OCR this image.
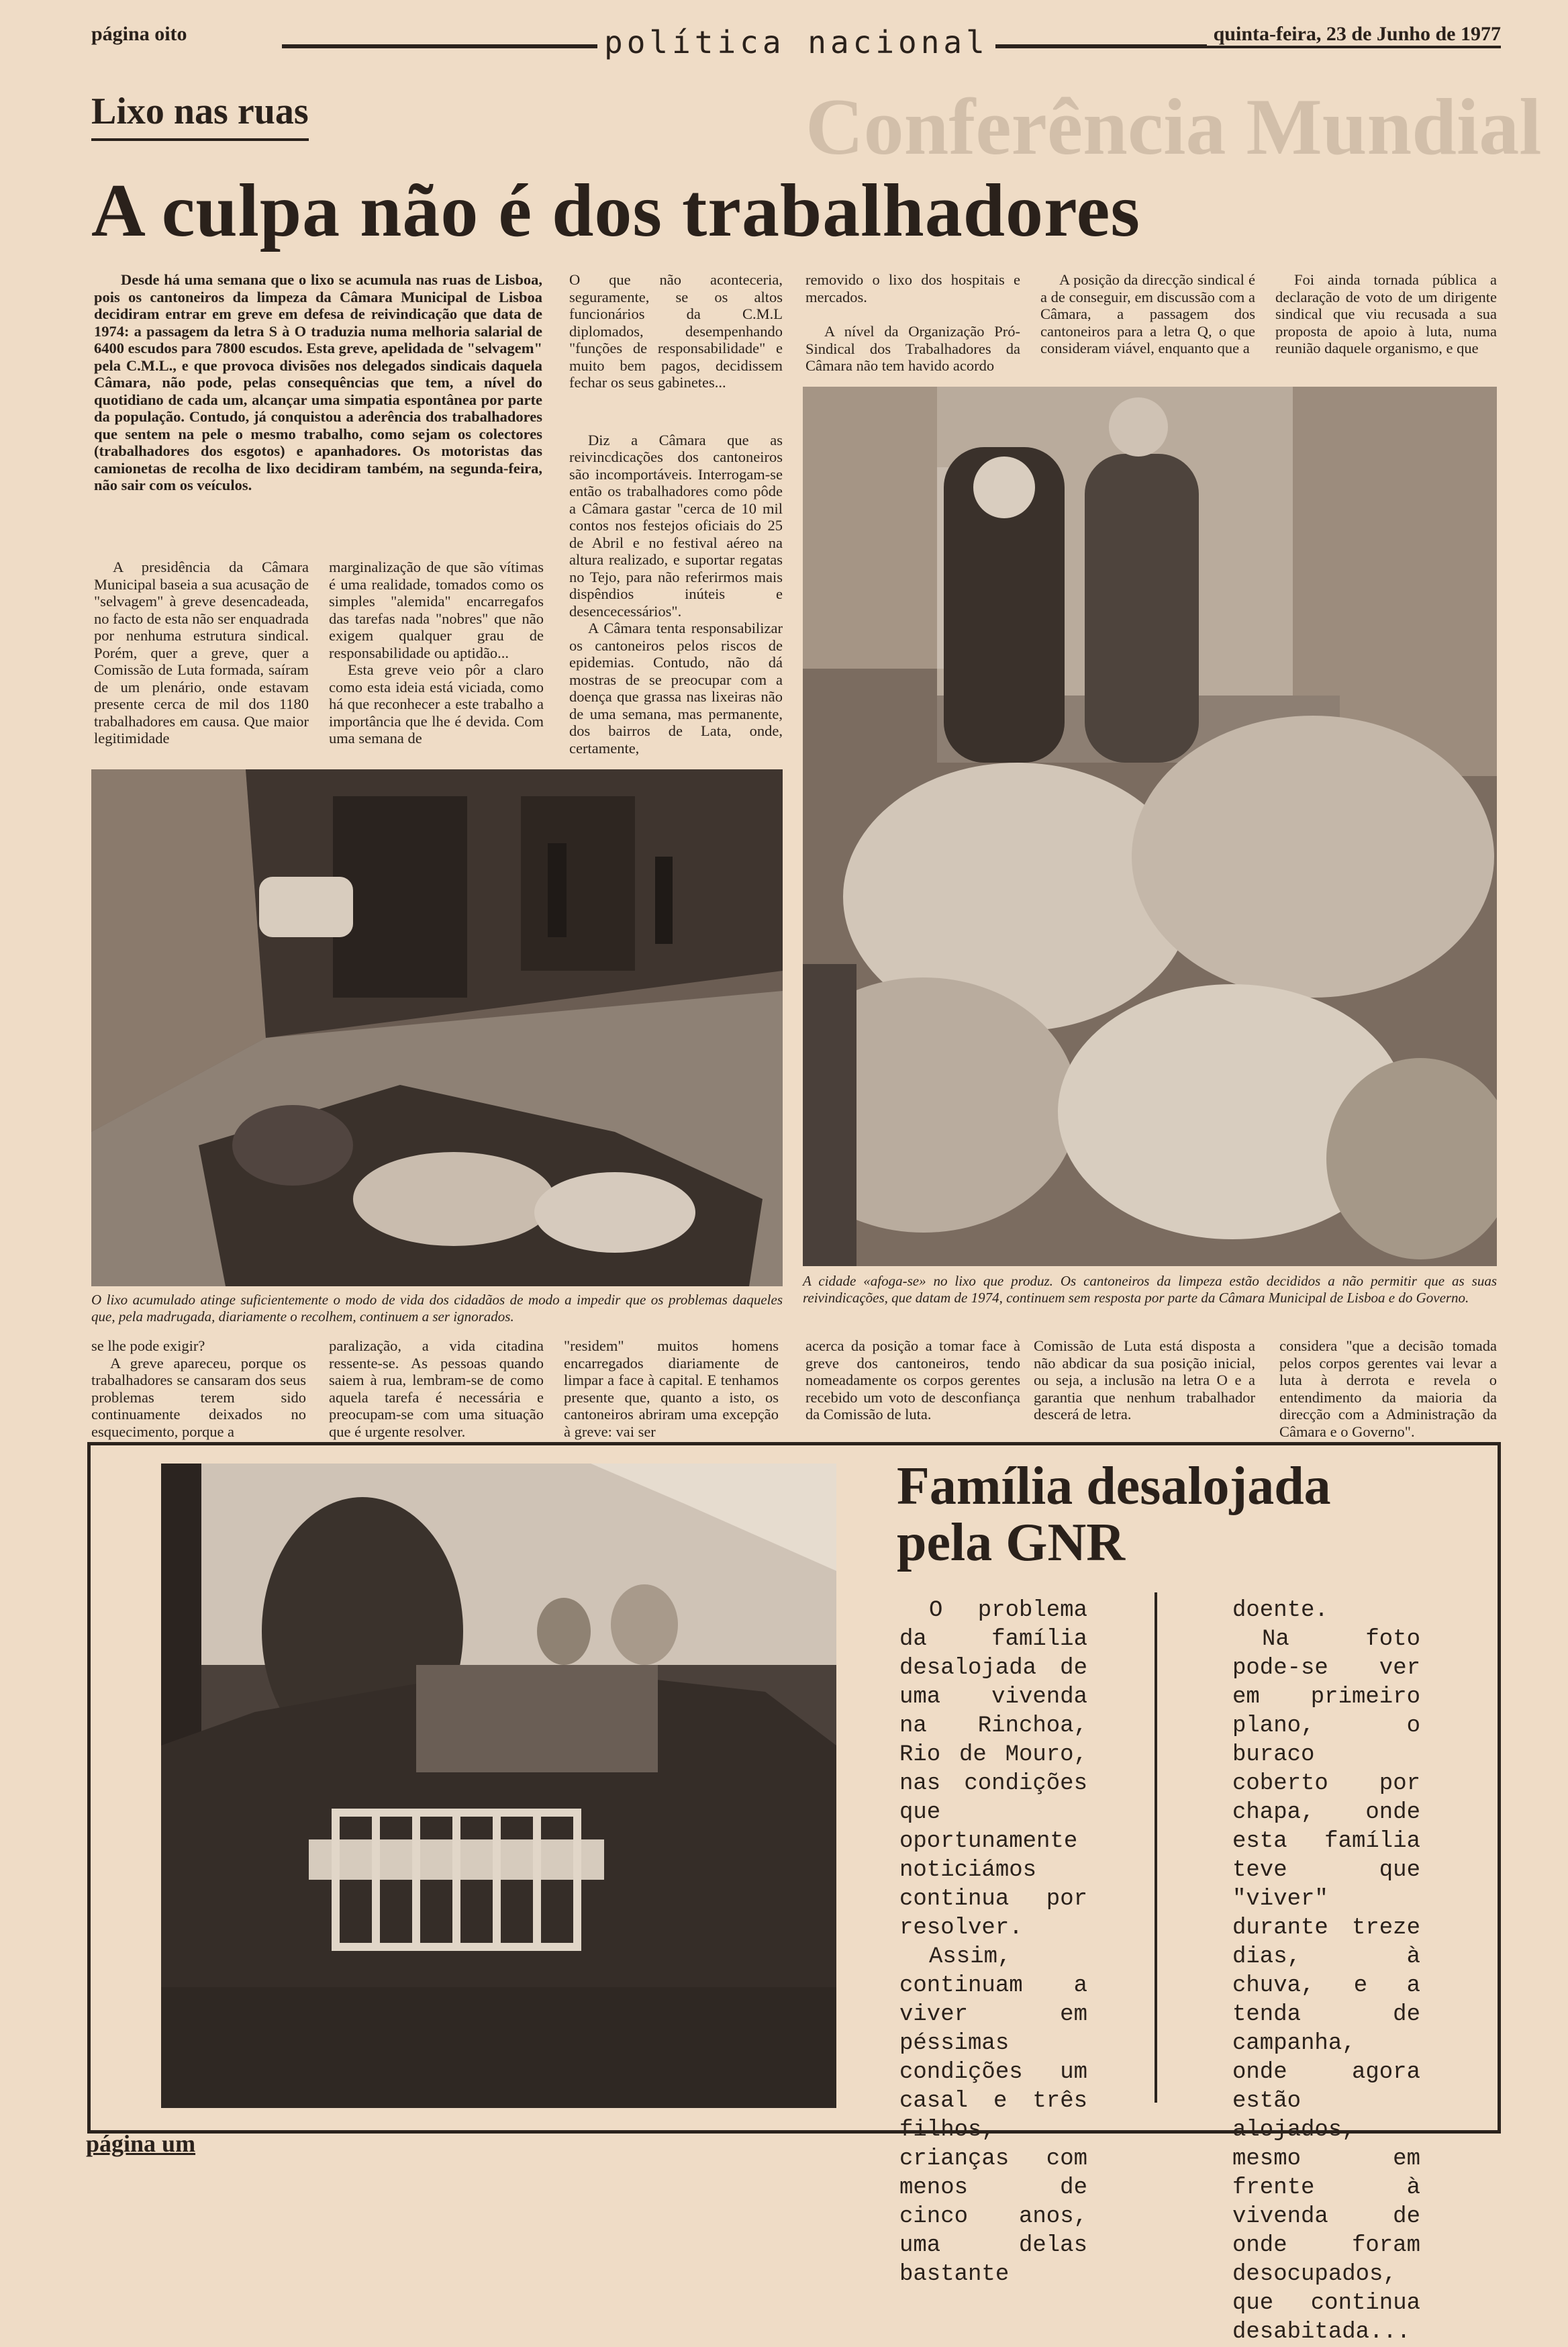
Conferência Mundial
página oito	política nacional	quinta-feira, 23 de Junho de 1977
Lixo nas ruas
A culpa não é dos trabalhadores
Desde há uma semana que o lixo se acumula nas ruas de Lisboa, pois os cantoneiros da limpeza da Câmara Municipal de Lisboa decidiram entrar em greve em defesa de reivindicação que data de 1974: a passagem da letra S à O traduzia numa melhoria salarial de 6400 escudos para 7800 escudos. Esta greve, apelidada de "selvagem" pela C.M.L., e que provoca divisões nos delegados sindicais daquela Câmara, não pode, pelas consequências que tem, a nível do quotidiano de cada um, alcançar uma simpatia espontânea por parte da população. Contudo, já conquistou a aderência dos trabalhadores que sentem na pele o mesmo trabalho, como sejam os colectores (trabalhadores dos esgotos) e apanhadores. Os motoristas das camionetas de recolha de lixo decidiram também, na segunda-feira, não sair com os veículos.

A presidência da Câmara Municipal baseia a sua acusação de "selvagem" à greve desencadeada, no facto de esta não ser enquadrada por nenhuma estrutura sindical. Porém, quer a greve, quer a Comissão de Luta formada, saíram de um plenário, onde estavam presente cerca de mil dos 1180 trabalhadores em causa. Que maior legitimidade

marginalização de que são vítimas é uma realidade, tomados como os simples "alemida" encarregafos das tarefas nada "nobres" que não exigem qualquer grau de responsabilidade ou aptidão...

Esta greve veio pôr a claro como esta ideia está viciada, como há que reconhecer a este trabalho a importância que lhe é devida. Com uma semana de

O que não aconteceria, seguramente, se os altos funcionários da C.M.L diplomados, desempenhando "funções de responsabilidade" e muito bem pagos, decidissem fechar os seus gabinetes...

Diz a Câmara que as reivincdicações dos cantoneiros são incomportáveis. Interrogam-se então os trabalhadores como pôde a Câmara gastar "cerca de 10 mil contos nos festejos oficiais do 25 de Abril e no festival aéreo na altura realizado, e suportar regatas no Tejo, para não referirmos mais dispêndios inúteis e desencecessários".

A Câmara tenta responsabilizar os cantoneiros pelos riscos de epidemias. Contudo, não dá mostras de se preocupar com a doença que grassa nas lixeiras não de uma semana, mas permanente, dos bairros de Lata, onde, certamente,

removido o lixo dos hospitais e mercados.

A nível da Organização Pró-Sindical dos Trabalhadores da Câmara não tem havido acordo

A posição da direcção sindical é a de conseguir, em discussão com a Câmara, a passagem dos cantoneiros para a letra Q, o que consideram viável, enquanto que a

Foi ainda tornada pública a declaração de voto de um dirigente sindical que viu recusada a sua proposta de apoio à luta, numa reunião daquele organismo, e que

O lixo acumulado atinge suficientemente o modo de vida dos cidadãos de modo a impedir que os problemas daqueles que, pela madrugada, diariamente o recolhem, continuem a ser ignorados.
A cidade «afoga-se» no lixo que produz. Os cantoneiros da limpeza estão decididos a não permitir que as suas reivindicações, que datam de 1974, continuem sem resposta por parte da Câmara Municipal de Lisboa e do Governo.

se lhe pode exigir?

A greve apareceu, porque os trabalhadores se cansaram dos seus problemas terem sido continuamente deixados no esquecimento, porque a

paralização, a vida citadina ressente-se. As pessoas quando saiem à rua, lembram-se de como aquela tarefa é necessária e preocupam-se com uma situação que é urgente resolver.

"residem" muitos homens encarregados diariamente de limpar a face à capital. E tenhamos presente que, quanto a isto, os cantoneiros abriram uma excepção à greve: vai ser

acerca da posição a tomar face à greve dos cantoneiros, tendo nomeadamente os corpos gerentes recebido um voto de desconfiança da Comissão de luta.

Comissão de Luta está disposta a não abdicar da sua posição inicial, ou seja, a inclusão na letra O e a garantia que nenhum trabalhador descerá de letra.

considera "que a decisão tomada pelos corpos gerentes vai levar a luta à derrota e revela o entendimento da maioria da direcção com a Administração da Câmara e o Governo".

Família desalojada
pela GNR

O problema da família desalojada de uma vivenda na Rinchoa, Rio de Mouro, nas condições que oportunamente noticiámos continua por resolver.

Assim, continuam a viver em péssimas condições um casal e três filhos, crianças com menos de cinco anos, uma delas bastante

doente.

Na foto pode-se ver em primeiro plano, o buraco coberto por chapa, onde esta família teve que "viver" durante treze dias, à chuva, e a tenda de campanha, onde agora estão alojados, mesmo em frente à vivenda de onde foram desocupados, que continua desabitada...

página um
